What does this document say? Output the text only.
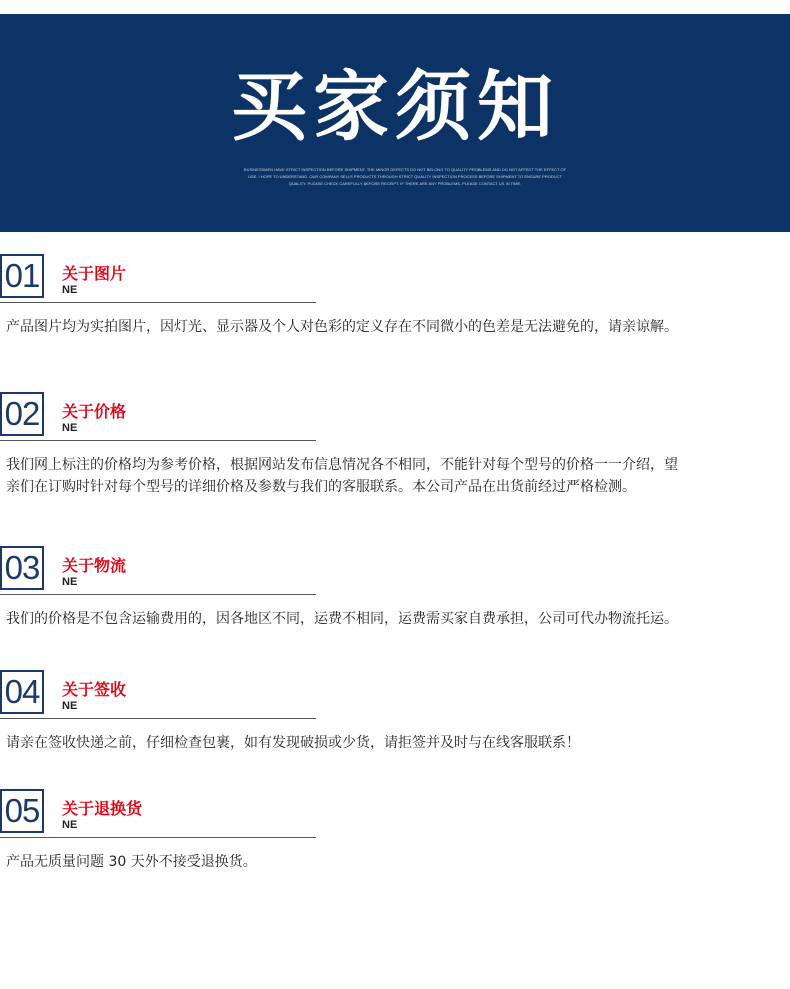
买家须知
BUSINESSMEN HAVE STRICT INSPECTION BEFORE SHIPMENT. THE MINOR DEFECTS DO NOT BELONG TO QUALITY PROBLEMS AND DO NOT AFFECT THE EFFECT OF USE. I HOPE TO UNDERSTAND. OUR COMPANY SELLS PRODUCTS THROUGH STRICT QUALITY INSPECTION PROCESS BEFORE SHIPMENT TO ENSURE PRODUCT QUALITY. PLEASE CHECK CAREFULLY BEFORE RECEIPT. IF THERE ARE ANY PROBLEMS, PLEASE CONTACT US IN TIME.
01 关于图片
NE
产品图片均为实拍图片，因灯光、显示器及个人对色彩的定义存在不同微小的色差是无法避免的，请亲谅解。
02 关于价格
NE
我们网上标注的价格均为参考价格，根据网站发布信息情况各不相同，不能针对每个型号的价格一一介绍，望亲们在订购时针对每个型号的详细价格及参数与我们的客服联系。本公司产品在出货前经过严格检测。
03 关于物流
NE
我们的价格是不包含运输费用的，因各地区不同，运费不相同，运费需买家自费承担，公司可代办物流托运。
04 关于签收
NE
请亲在签收快递之前，仔细检查包裹，如有发现破损或少货，请拒签并及时与在线客服联系！
05 关于退换货
NE
产品无质量问题 30 天外不接受退换货。
